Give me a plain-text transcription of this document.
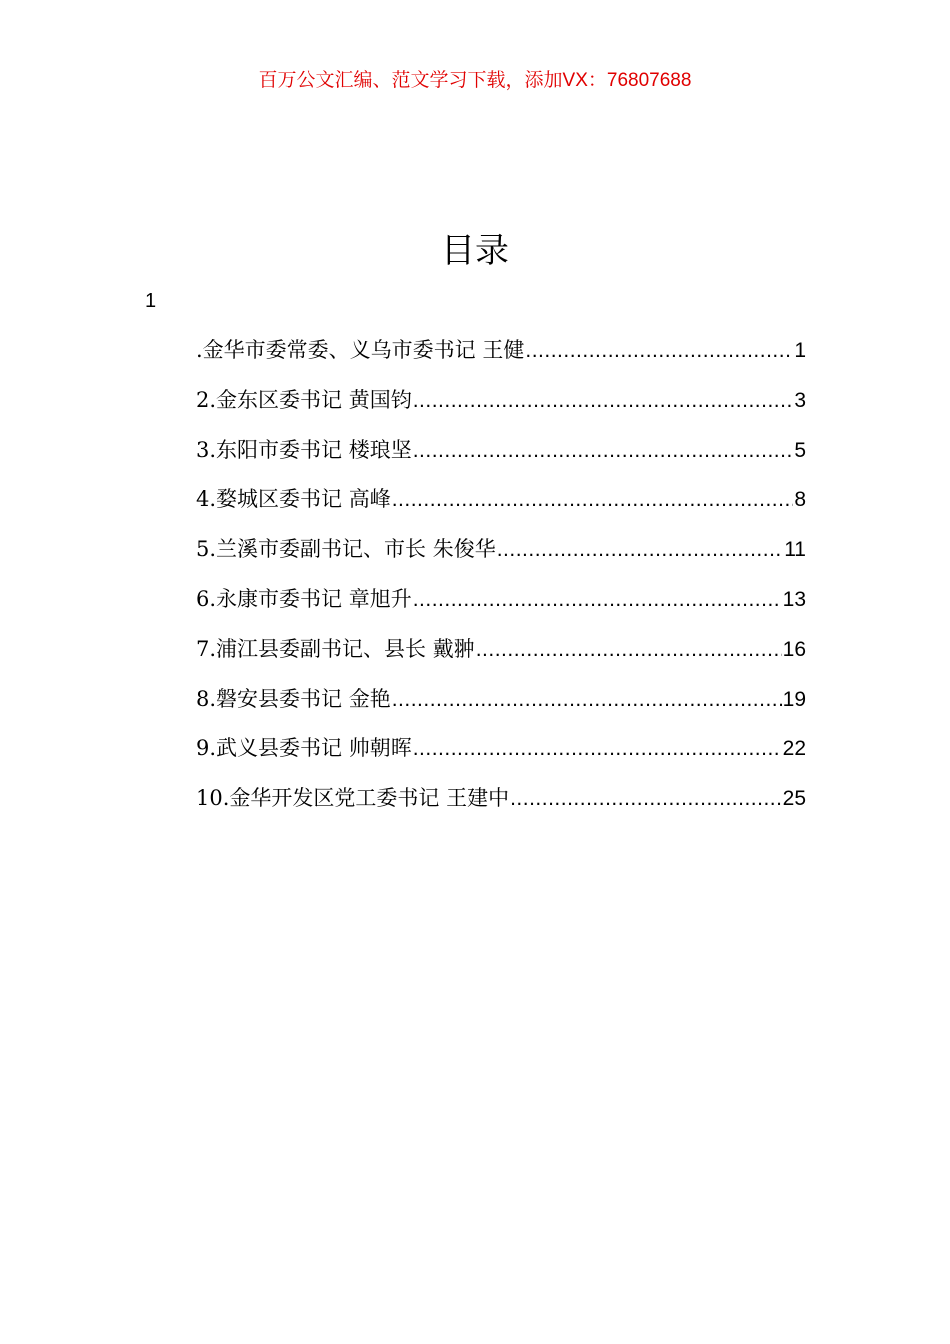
百万公文汇编、范文学习下载，添加VX：76807688
目录
1
.金华市委常委、义乌市委书记 王健 .....	1
2.金东区委书记 黄国钧 .....	3
3.东阳市委书记 楼琅坚 .....	5
4.婺城区委书记 高峰 .....	8
5.兰溪市委副书记、市长 朱俊华 .....	11
6.永康市委书记 章旭升 .....	13
7.浦江县委副书记、县长 戴翀 .....	16
8.磐安县委书记 金艳 .....	19
9.武义县委书记 帅朝晖 .....	22
10.金华开发区党工委书记 王建中 .....	25
